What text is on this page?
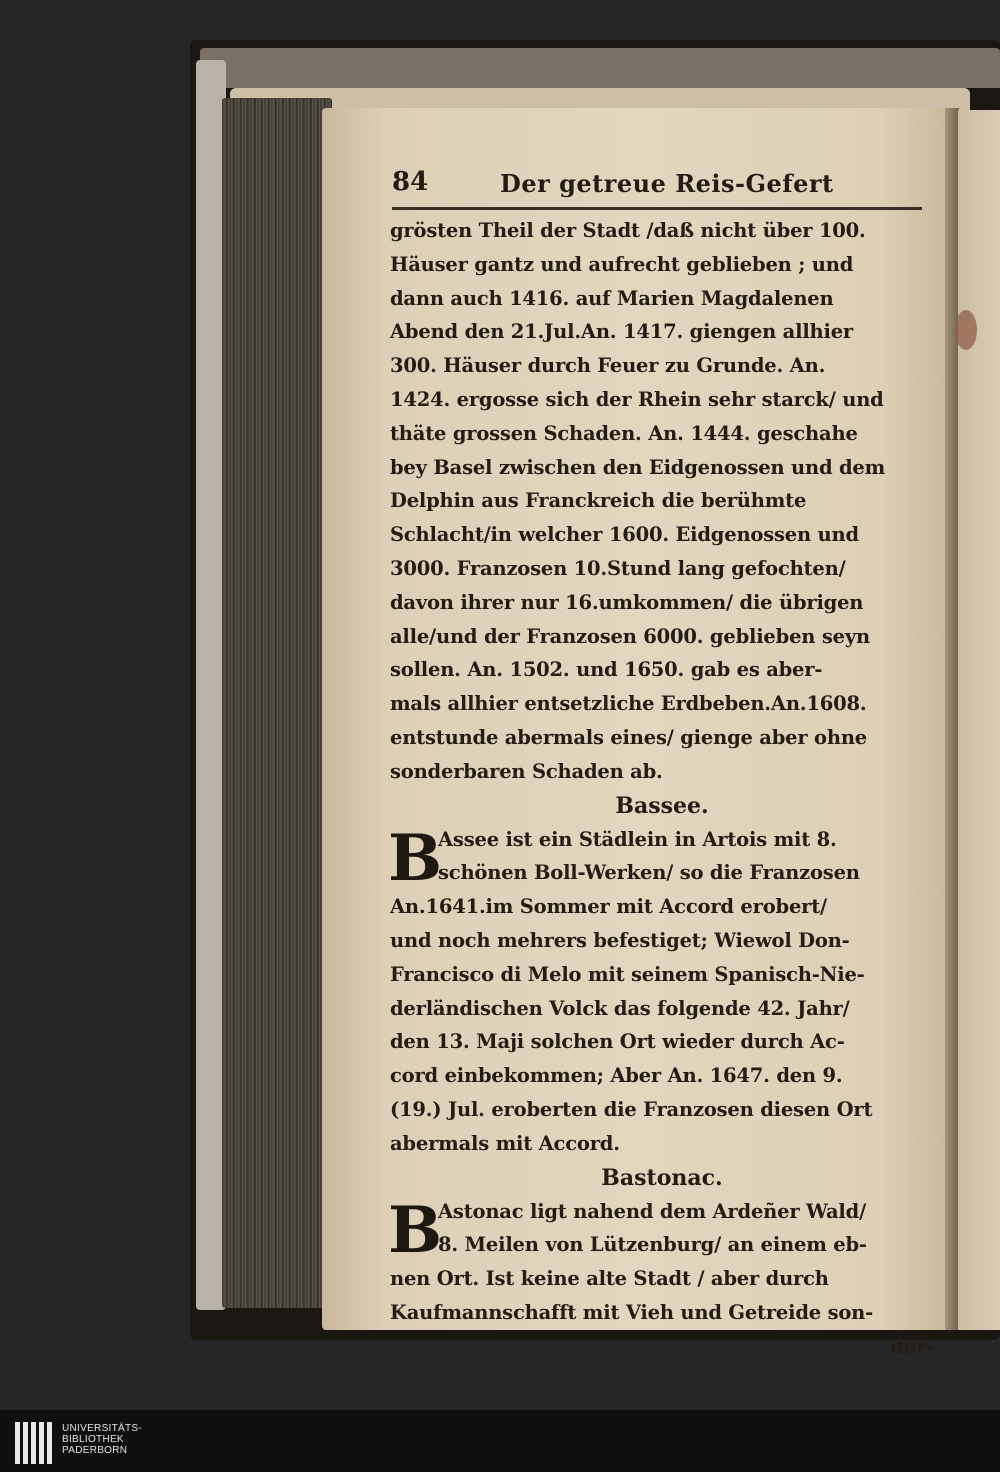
84	Der getreue Reis-Gefert
grösten Theil der Stadt /daß nicht über 100.
Häuser gantz und aufrecht geblieben ; und
dann auch 1416. auf Marien Magdalenen
Abend den 21.Jul.An. 1417. giengen allhier
300. Häuser durch Feuer zu Grunde. An.
1424. ergosse sich der Rhein sehr starck/ und
thäte grossen Schaden. An. 1444. geschahe
bey Basel zwischen den Eidgenossen und dem
Delphin aus Franckreich die berühmte
Schlacht/in welcher 1600. Eidgenossen und
3000. Franzosen 10.Stund lang gefochten/
davon ihrer nur 16.umkommen/ die übrigen
alle/und der Franzosen 6000. geblieben seyn
sollen. An. 1502. und 1650. gab es aber-
mals allhier entsetzliche Erdbeben.An.1608.
entstunde abermals eines/ gienge aber ohne
sonderbaren Schaden ab.
Bassee.
B
Assee ist ein Städlein in Artois mit 8.
schönen Boll-Werken/ so die Franzosen
An.1641.im Sommer mit Accord erobert/
und noch mehrers befestiget; Wiewol Don-
Francisco di Melo mit seinem Spanisch-Nie-
derländischen Volck das folgende 42. Jahr/
den 13. Maji solchen Ort wieder durch Ac-
cord einbekommen; Aber An. 1647. den 9.
(19.) Jul. eroberten die Franzosen diesen Ort
abermals mit Accord.
Bastonac.
B
Astonac ligt nahend dem Ardeñer Wald/
8. Meilen von Lützenburg/ an einem eb-
nen Ort. Ist keine alte Stadt / aber durch
Kaufmannschafft mit Vieh und Getreide son-
der-
UNIVERSITÄTS-
BIBLIOTHEK
PADERBORN
